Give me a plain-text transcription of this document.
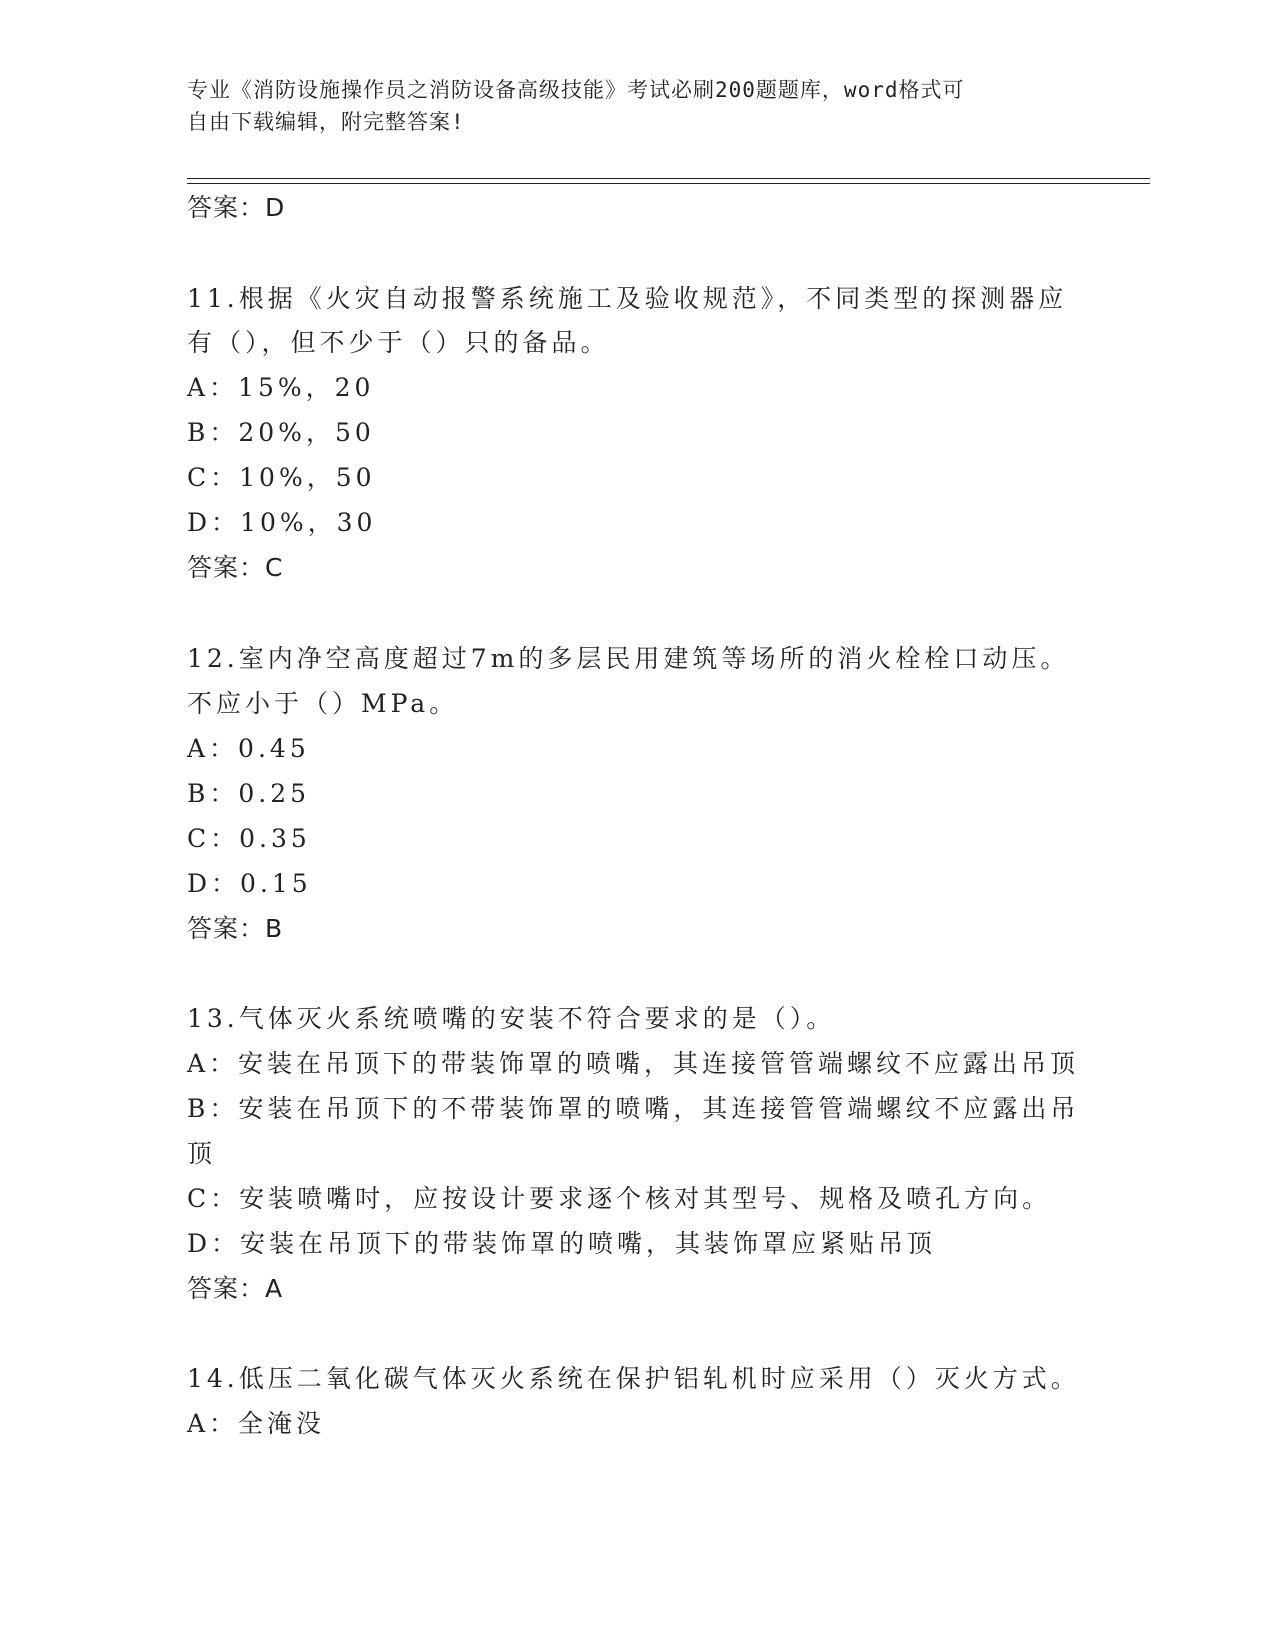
专业《消防设施操作员之消防设备高级技能》考试必刷200题题库，word格式可
自由下载编辑，附完整答案!
答案：D
11.根据《火灾自动报警系统施工及验收规范》，不同类型的探测器应
有（），但不少于（）只的备品。
A：15%，20
B：20%，50
C：10%，50
D：10%，30
答案：C
12.室内净空高度超过7m的多层民用建筑等场所的消火栓栓口动压。
不应小于（）MPa。
A：0.45
B：0.25
C：0.35
D：0.15
答案：B
13.气体灭火系统喷嘴的安装不符合要求的是（）。
A：安装在吊顶下的带装饰罩的喷嘴，其连接管管端螺纹不应露出吊顶
B：安装在吊顶下的不带装饰罩的喷嘴，其连接管管端螺纹不应露出吊
顶
C：安装喷嘴吋，应按设计要求逐个核对其型号、规格及喷孔方向。
D：安装在吊顶下的带装饰罩的喷嘴，其装饰罩应紧贴吊顶
答案：A
14.低压二氧化碳气体灭火系统在保护铝轧机时应采用（）灭火方式。
A：全淹没
